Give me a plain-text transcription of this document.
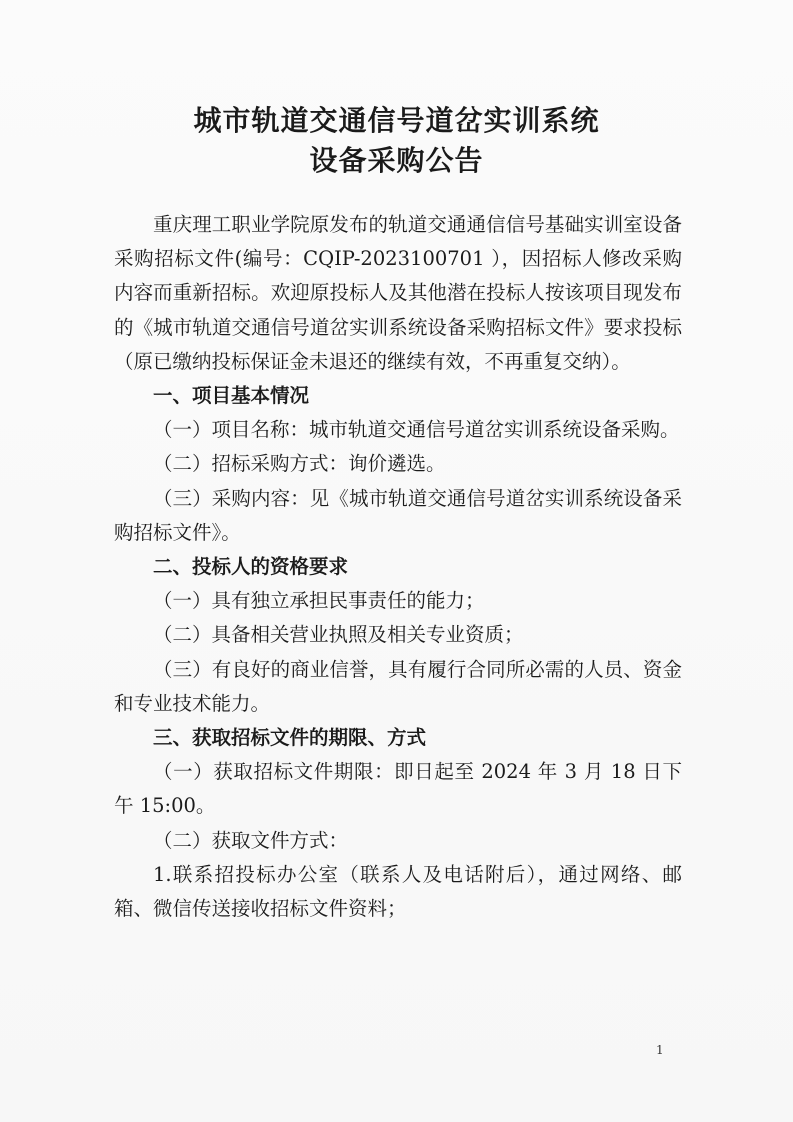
城市轨道交通信号道岔实训系统
设备采购公告

重庆理工职业学院原发布的轨道交通通信信号基础实训室设备采购招标文件(编号：CQIP-2023100701 ），因招标人修改采购内容而重新招标。欢迎原投标人及其他潜在投标人按该项目现发布的《城市轨道交通信号道岔实训系统设备采购招标文件》要求投标（原已缴纳投标保证金未退还的继续有效，不再重复交纳）。

一、项目基本情况

（一）项目名称：城市轨道交通信号道岔实训系统设备采购。

（二）招标采购方式：询价遴选。

（三）采购内容：见《城市轨道交通信号道岔实训系统设备采购招标文件》。

二、投标人的资格要求

（一）具有独立承担民事责任的能力；

（二）具备相关营业执照及相关专业资质；

（三）有良好的商业信誉，具有履行合同所必需的人员、资金和专业技术能力。

三、获取招标文件的期限、方式

（一）获取招标文件期限：即日起至 2024 年 3 月 18 日下午 15:00。

（二）获取文件方式：

1.联系招投标办公室（联系人及电话附后），通过网络、邮箱、微信传送接收招标文件资料；

1
